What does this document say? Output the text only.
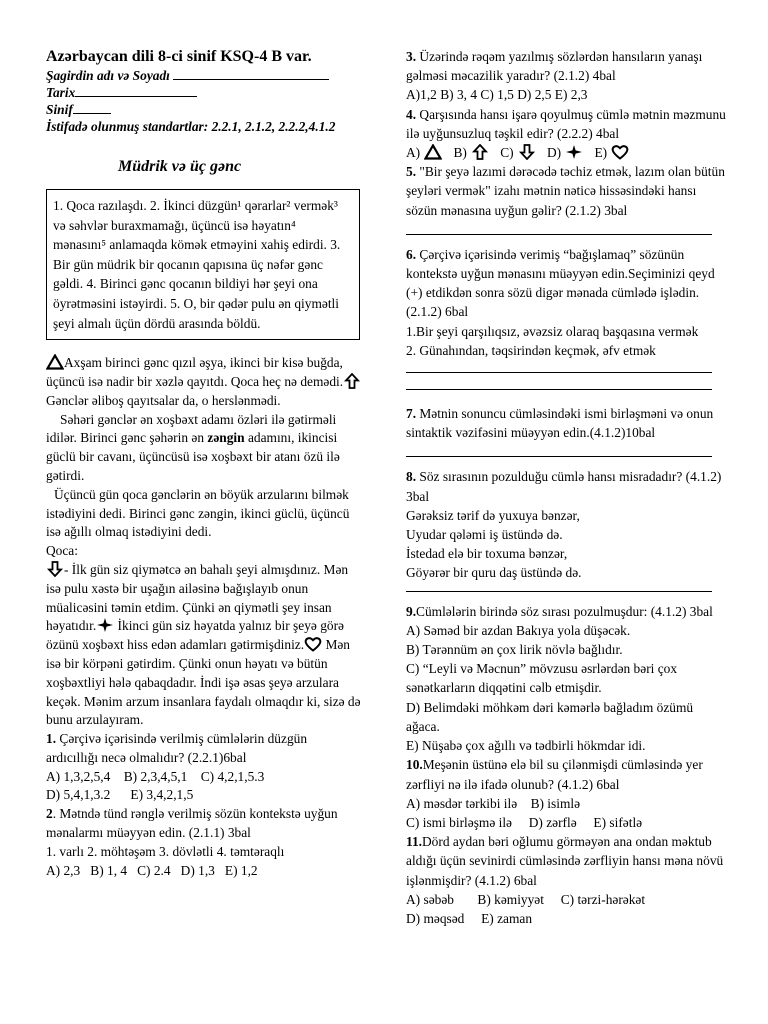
Azərbaycan dili 8-ci sinif KSQ-4 B var.
Şagirdin adı və Soyadı
Tarix
Sinif
İstifadə olunmuş standartlar: 2.2.1, 2.1.2, 2.2.2,4.1.2
Müdrik və üç gənc

1. Qoca razılaşdı. 2. İkinci düzgün¹ qərarlar² vermək³ və səhvlər buraxmamağı, üçüncü isə həyatın⁴ mənasını⁵ anlamaqda kömək etməyini xahiş edirdi. 3. Bir gün müdrik bir qocanın qapısına üç nəfər gənc gəldi. 4. Birinci gənc qocanın bildiyi hər şeyi ona öyrətməsini istəyirdi. 5. O, bir qədər pulu ən qiymətli şeyi almalı üçün dördü arasında böldü.

Axşam birinci gənc qızıl əşya, ikinci bir kisə buğda, üçüncü isə nadir bir xəzlə qayıtdı. Qoca heç nə demədi.
Gənclər əliboş qayıtsalar da, o herslənmədi.

Səhəri gənclər ən xoşbəxt adamı özləri ilə gətirməli idilər. Birinci gənc şəhərin ən zəngin adamını, ikincisi güclü bir cavanı, üçüncüsü isə xoşbəxt bir atanı özü ilə gətirdi.

Üçüncü gün qoca gənclərin ən böyük arzularını bilmək istədiyini dedi. Birinci gənc zəngin, ikinci güclü, üçüncü isə ağıllı olmaq istədiyini dedi.

Qoca:

- İlk gün siz qiymətcə ən bahalı şeyi almışdınız. Mən isə pulu xəstə bir uşağın ailəsinə bağışlayıb onun müalicəsini təmin etdim. Çünki ən qiymətli şey insan həyatıdır.
İkinci gün siz həyatda yalnız bir şeyə görə özünü xoşbəxt hiss edən adamları gətirmişdiniz.
Mən isə bir körpəni gətirdim. Çünki onun həyatı və bütün xoşbəxtliyi hələ qabaqdadır. İndi işə əsas şeyə arzulara keçək. Mənim arzum insanlara faydalı olmaqdır ki, sizə də bunu arzulayıram.

1. Çərçivə içərisində verilmiş cümlələrin düzgün ardıcıllığı necə olmalıdır? (2.2.1)6bal

A) 1,3,2,5,4    B) 2,3,4,5,1    C) 4,2,1,5.3

D) 5,4,1,3.2      E) 3,4,2,1,5

2. Mətndə tünd rənglə verilmiş sözün kontekstə uyğun mənalarmı müəyyən edin. (2.1.1) 3bal

1. varlı 2. möhtəşəm 3. dövlətli 4. təmtəraqlı

A) 2,3   B) 1, 4   C) 2.4   D) 1,3   E) 1,2

3. Üzərində rəqəm yazılmış sözlərdən hansıların yanaşı gəlməsi məcazilik yaradır? (2.1.2) 4bal

A)1,2 B) 3, 4 C) 1,5 D) 2,5 E) 2,3

4. Qarşısında hansı işarə qoyulmuş cümlə mətnin məzmunu ilə uyğunsuzluq təşkil edir? (2.2.2) 4bal

A) B) C) D) E)

5. "Bir şeyə lazımi dərəcədə təchiz etmək, lazım olan bütün şeyləri vermək" izahı mətnin nəticə hissəsindəki hansı sözün mənasına uyğun gəlir? (2.1.2) 3bal

6. Çərçivə içərisində verimiş “bağışlamaq” sözünün kontekstə uyğun mənasını müəyyən edin.Seçiminizi qeyd (+) etdikdən sonra sözü digər mənada cümlədə işlədin. (2.1.2) 6bal

1.Bir şeyi qarşılıqsız, əvəzsiz olaraq başqasına vermək

2. Günahından, təqsirindən keçmək, əfv etmək

7. Mətnin sonuncu cümləsindəki ismi birləşməni və onun sintaktik vəzifəsini müəyyən edin.(4.1.2)10bal

8. Söz sırasının pozulduğu cümlə hansı misradadır? (4.1.2) 3bal

Gərəksiz tərif də yuxuya bənzər,

Uyudar qələmi iş üstündə də.

İstedad elə bir toxuma bənzər,

Göyərər bir quru daş üstündə də.

9.Cümlələrin birində söz sırası pozulmuşdur: (4.1.2) 3bal

A) Səməd bir azdan Bakıya yola düşəcək.

B) Tərənnüm ən çox lirik növlə bağlıdır.

C) “Leyli və Məcnun” mövzusu əsrlərdən bəri çox sənətkarların diqqətini cəlb etmişdir.

D) Belimdəki möhkəm dəri kəmərlə bağladım özümü ağaca.

E) Nüşabə çox ağıllı və tədbirli hökmdar idi.

10.Meşənin üstünə elə bil su çilənmişdi cümləsində yer zərfliyi nə ilə ifadə olunub? (4.1.2) 6bal

A) məsdər tərkibi ilə    B) isimlə

C) ismi birləşmə ilə     D) zərflə     E) sifətlə

11.Dörd aydan bəri oğlumu görməyən ana ondan məktub aldığı üçün sevinirdi cümləsində zərfliyin hansı məna növü işlənmişdir? (4.1.2) 6bal

A) səbəb       B) kəmiyyət     C) tərzi-hərəkət

D) məqsəd     E) zaman
